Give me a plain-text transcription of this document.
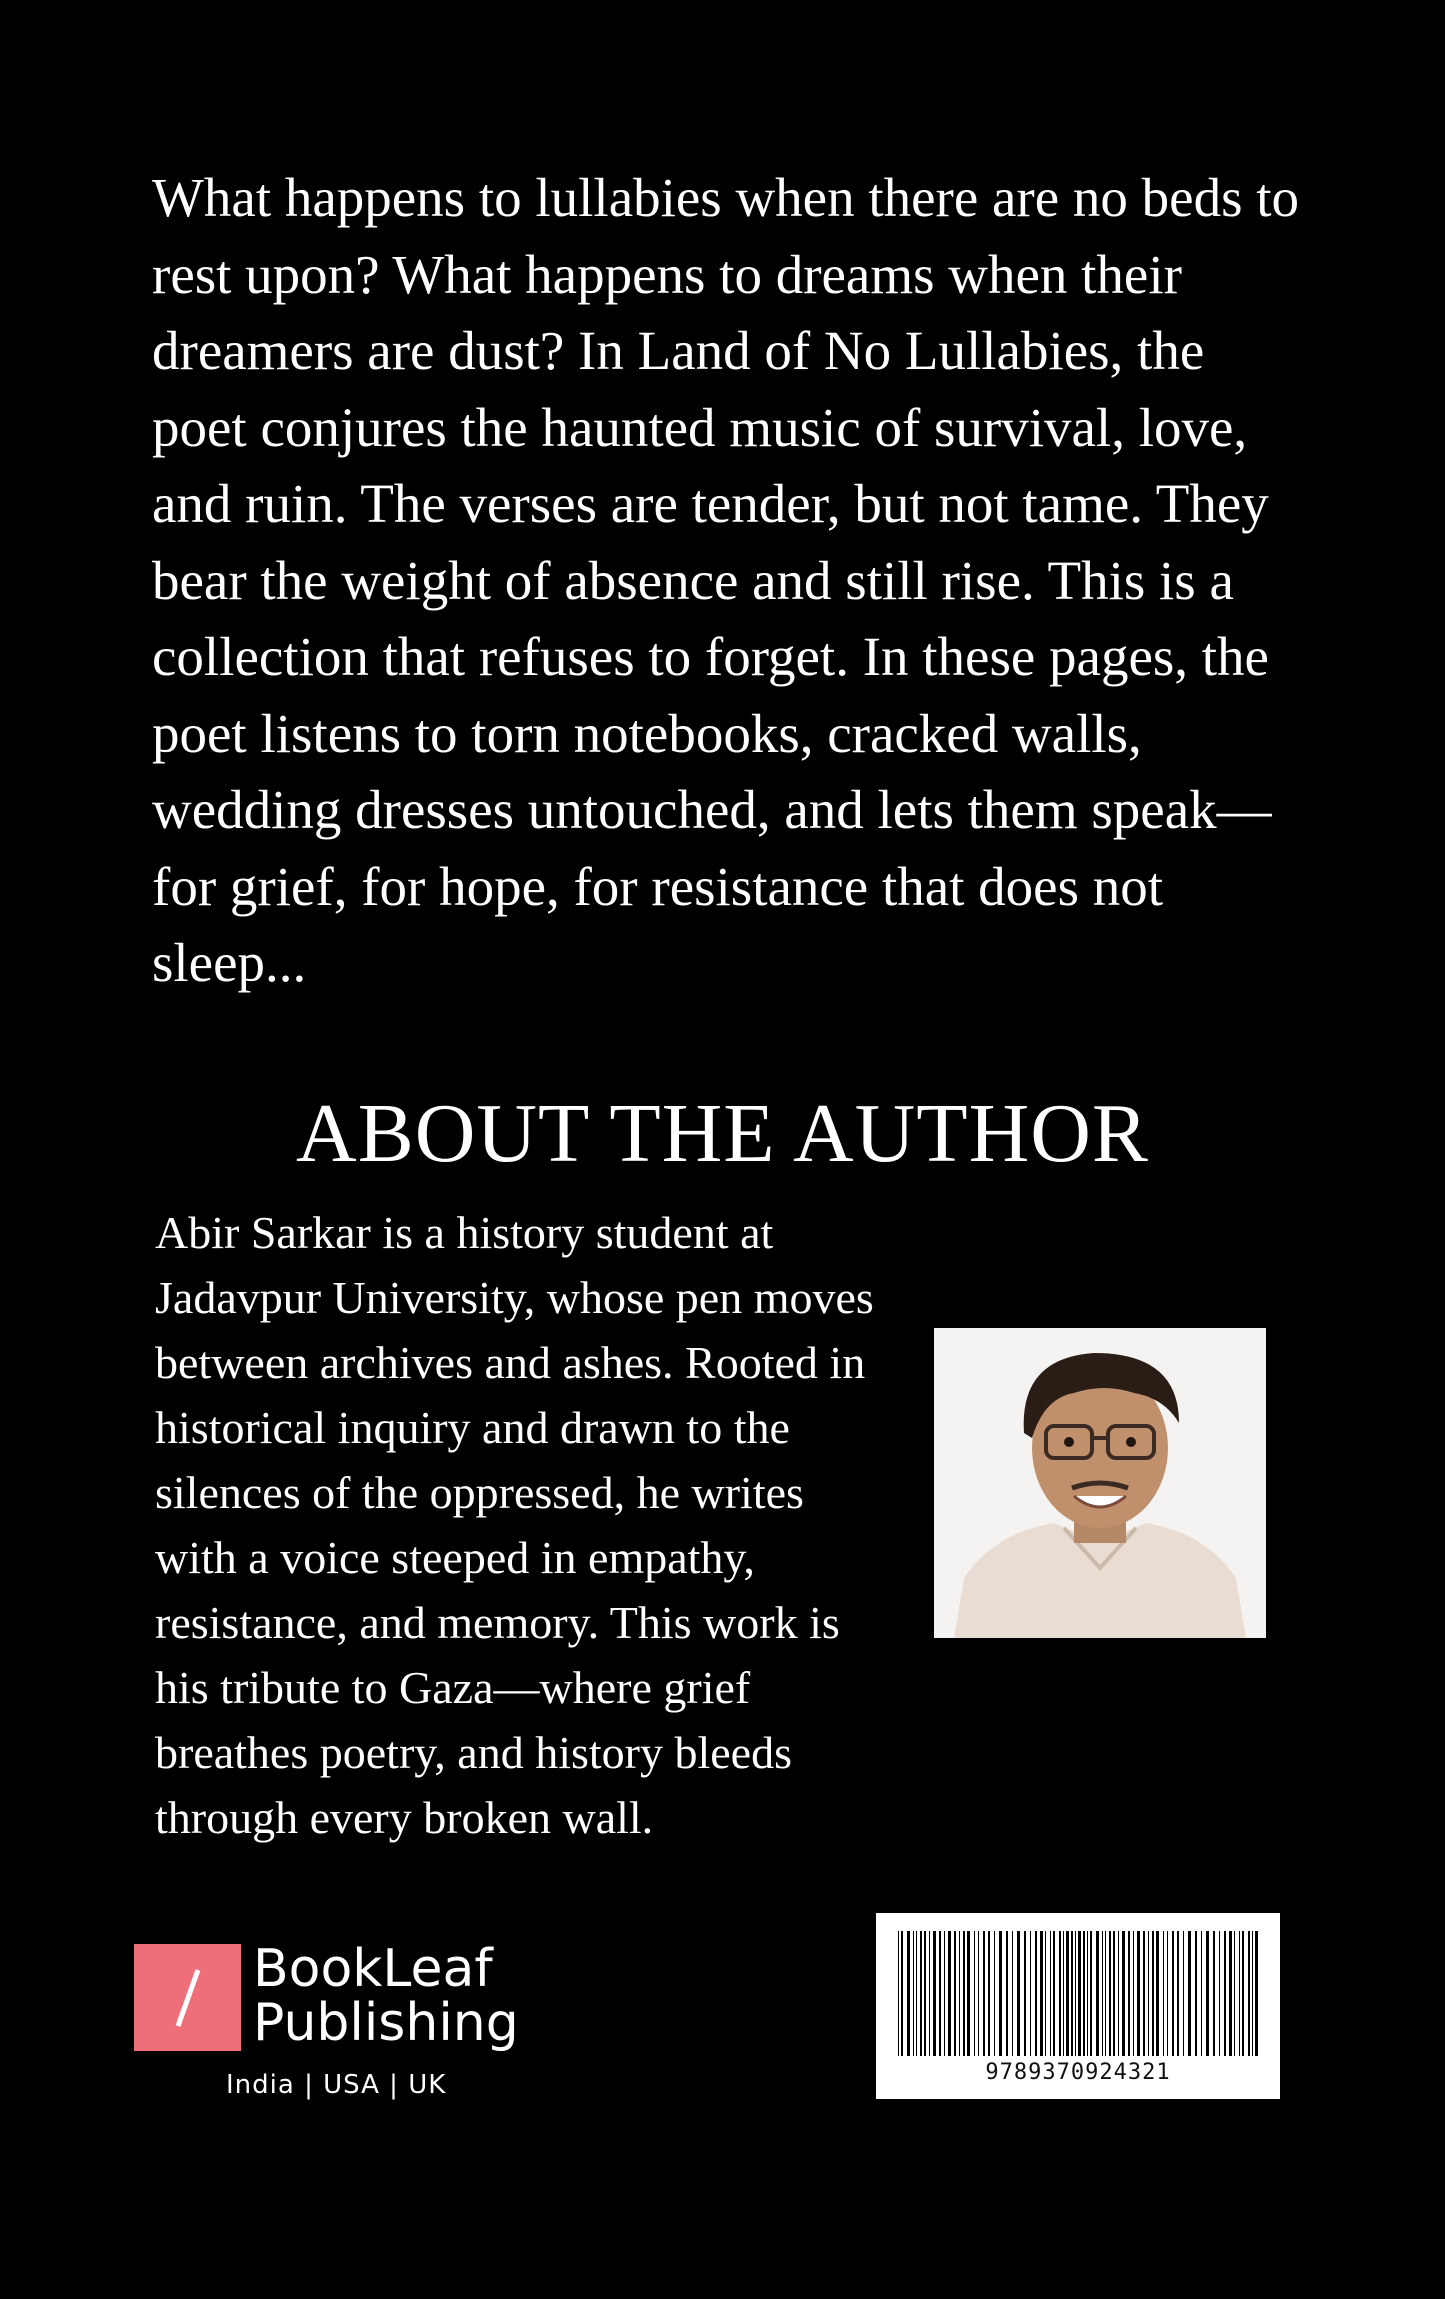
What happens to lullabies when there are no beds to rest upon? What happens to dreams when their dreamers are dust? In Land of No Lullabies, the poet conjures the haunted music of survival, love, and ruin. The verses are tender, but not tame. They bear the weight of absence and still rise. This is a collection that refuses to forget. In these pages, the poet listens to torn notebooks, cracked walls, wedding dresses untouched, and lets them speak—for grief, for hope, for resistance that does not sleep...

ABOUT THE AUTHOR

Abir Sarkar is a history student at Jadavpur University, whose pen moves between archives and ashes. Rooted in historical inquiry and drawn to the silences of the oppressed, he writes with a voice steeped in empathy, resistance, and memory. This work is his tribute to Gaza—where grief breathes poetry, and history bleeds through every broken wall.

BookLeaf
Publishing
India | USA | UK	9789370924321
